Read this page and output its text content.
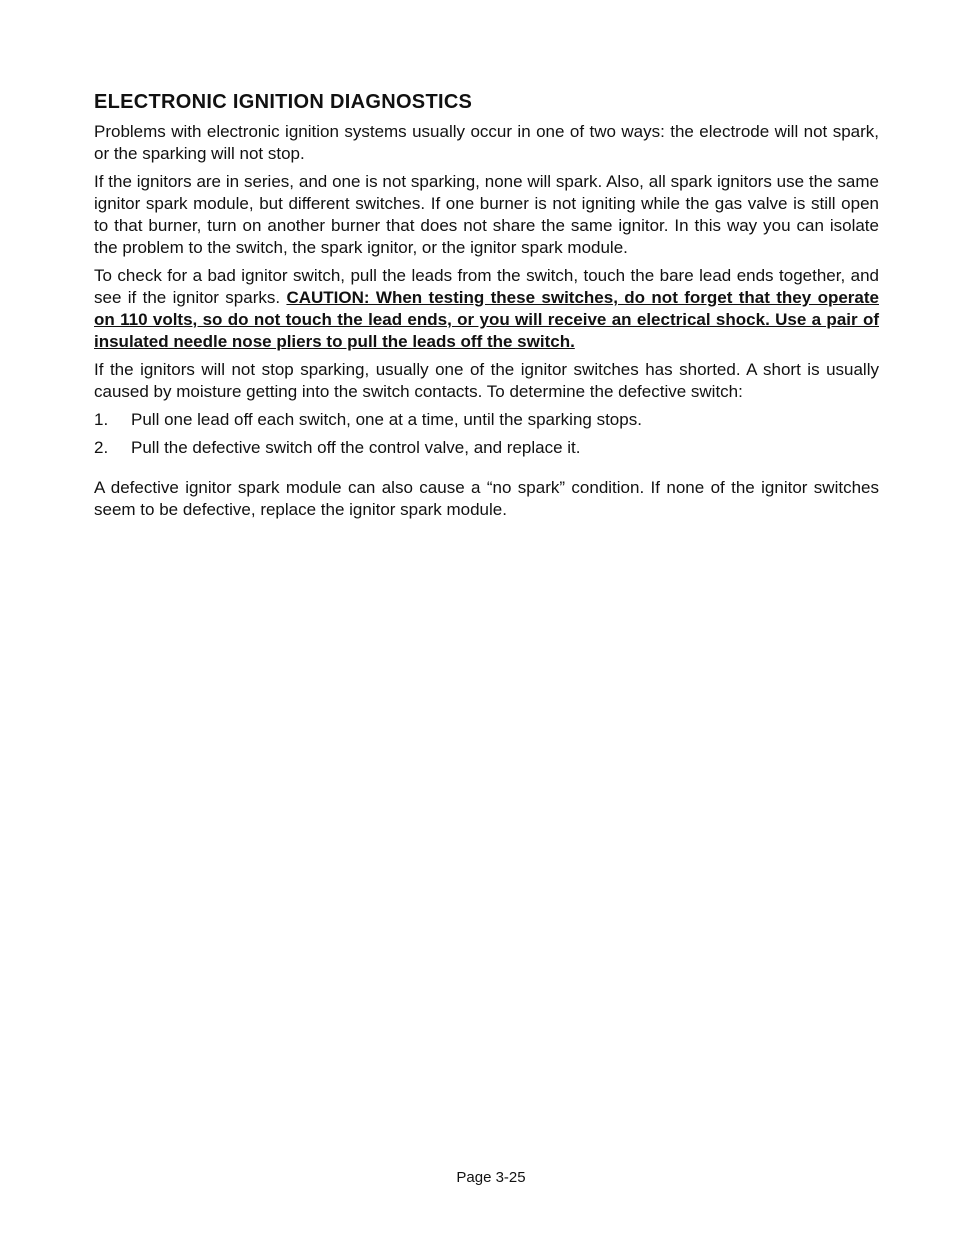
ELECTRONIC IGNITION DIAGNOSTICS

Problems with electronic ignition systems usually occur in one of two ways: the electrode will not spark, or the sparking will not stop.

If the ignitors are in series, and one is not sparking, none will spark. Also, all spark ignitors use the same ignitor spark module, but different switches. If one burner is not igniting while the gas valve is still open to that burner, turn on another burner that does not share the same ignitor. In this way you can isolate the problem to the switch, the spark ignitor, or the ignitor spark module.

To check for a bad ignitor switch, pull the leads from the switch, touch the bare lead ends together, and see if the ignitor sparks. CAUTION: When testing these switches, do not forget that they operate on 110 volts, so do not touch the lead ends, or you will receive an electrical shock. Use a pair of insulated needle nose pliers to pull the leads off the switch.

If the ignitors will not stop sparking, usually one of the ignitor switches has shorted. A short is usually caused by moisture getting into the switch contacts. To determine the defective switch:

1.	Pull one lead off each switch, one at a time, until the sparking stops.
2.	Pull the defective switch off the control valve, and replace it.

A defective ignitor spark module can also cause a “no spark” condition. If none of the ignitor switches seem to be defective, replace the ignitor spark module.

Page 3-25
